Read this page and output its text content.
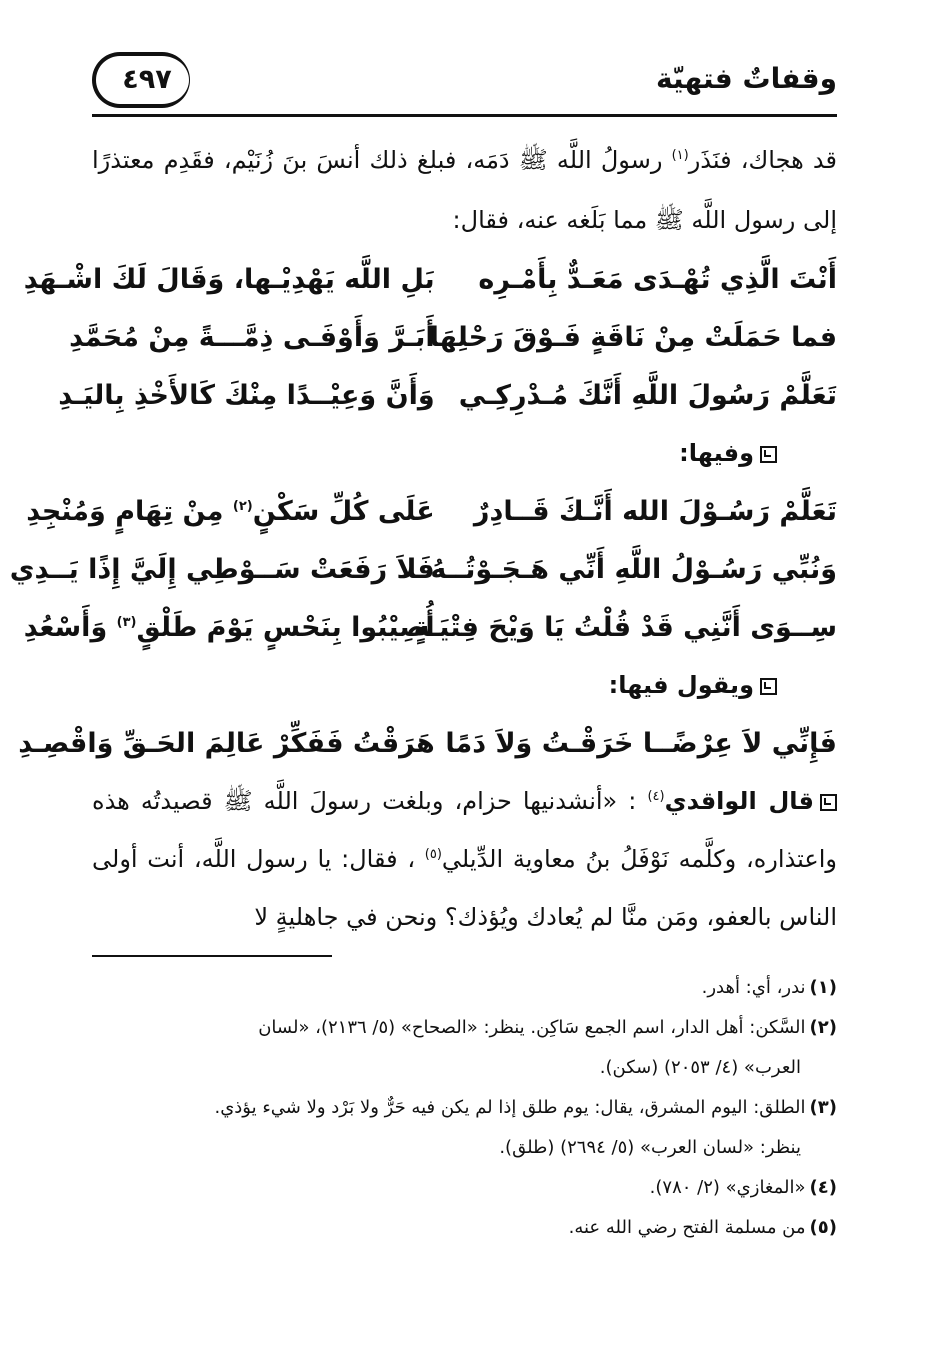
وقفاتٌ فتهيّة
٤٩٧

قد هجاك، فنَذَر$^{(١)}$ رسولُ اللَّه ﷺ دَمَه، فبلغ ذلك أنسَ بنَ زُنَيْم، فقَدِم معتذرًا إلى رسول اللَّه ﷺ مما بَلَغه عنه، فقال:

أَنْتَ الَّذِي تُهْـدَى مَعَـدٌّ بِأَمْـرِه
بَلِ اللَّه يَهْدِيْـها، وَقَالَ لَكَ اشْـهَدِ
فما حَمَلَتْ مِنْ نَاقَةٍ فَـوْقَ رَحْلِهَا
أَبَـرَّ وَأَوْفَـى ذِمَّـــةً مِنْ مُحَمَّدِ
تَعَلَّمْ رَسُولَ اللَّهِ أَنَّكَ مُـدْرِكِـي
وَأَنَّ وَعِيْــدًا مِنْكَ كَالأَخْذِ بِاليَـدِ
وفيها:
تَعَلَّمْ رَسُـوْلَ الله أَنَّـكَ قَــادِرٌ
عَلَى كُلِّ سَكْنٍ$^{(٢)}$ مِنْ تِهَامٍ وَمُنْجِدِ
وَنُبِّي رَسُـوْلُ اللَّهِ أَنِّي هَـجَـوْتُــهُ
فَلاَ رَفَعَتْ سَــوْطِي إِلَيَّ إِذًا يَــدِي
سِــوَى أَنَّنِي قَدْ قُلْتُ يَا وَيْحَ فِتْيَـةٍ
أُصِيْبُوا بِنَحْسٍ يَوْمَ طَلْقٍ$^{(٣)}$ وَأَسْعُدِ
ويقول فيها:
فَإِنِّي لاَ عِرْضًــا خَرَقْـتُ وَلاَ دَمًا
هَرَقْتُ فَفَكِّرْ عَالِمَ الحَـقِّ وَاقْصِـدِ

قال الواقدي$^{(٤)}$ : «أنشدنيها حزام، وبلغت رسولَ اللَّه ﷺ قصيدتُه هذه واعتذاره، وكلَّمه نَوْفَلُ بنُ معاوية الدِّيلي$^{(٥)}$ ، فقال: يا رسول اللَّه، أنت أولى الناس بالعفو، ومَن منَّا لم يُعادك ويُؤذك؟ ونحن في جاهليةٍ لا

(١)ندر، أي: أهدر.

(٢)السَّكن: أهل الدار، اسم الجمع سَاكِن. ينظر: «الصحاح» (٥/ ٢١٣٦)، «لسان
العرب» (٤/ ٢٠٥٣) (سكن).

(٣)الطلق: اليوم المشرق، يقال: يوم طلق إذا لم يكن فيه حَرٌّ ولا بَرْد ولا شيء يؤذي.
ينظر: «لسان العرب» (٥/ ٢٦٩٤) (طلق).

(٤)«المغازي» (٢/ ٧٨٠).

(٥)من مسلمة الفتح رضي الله عنه.
